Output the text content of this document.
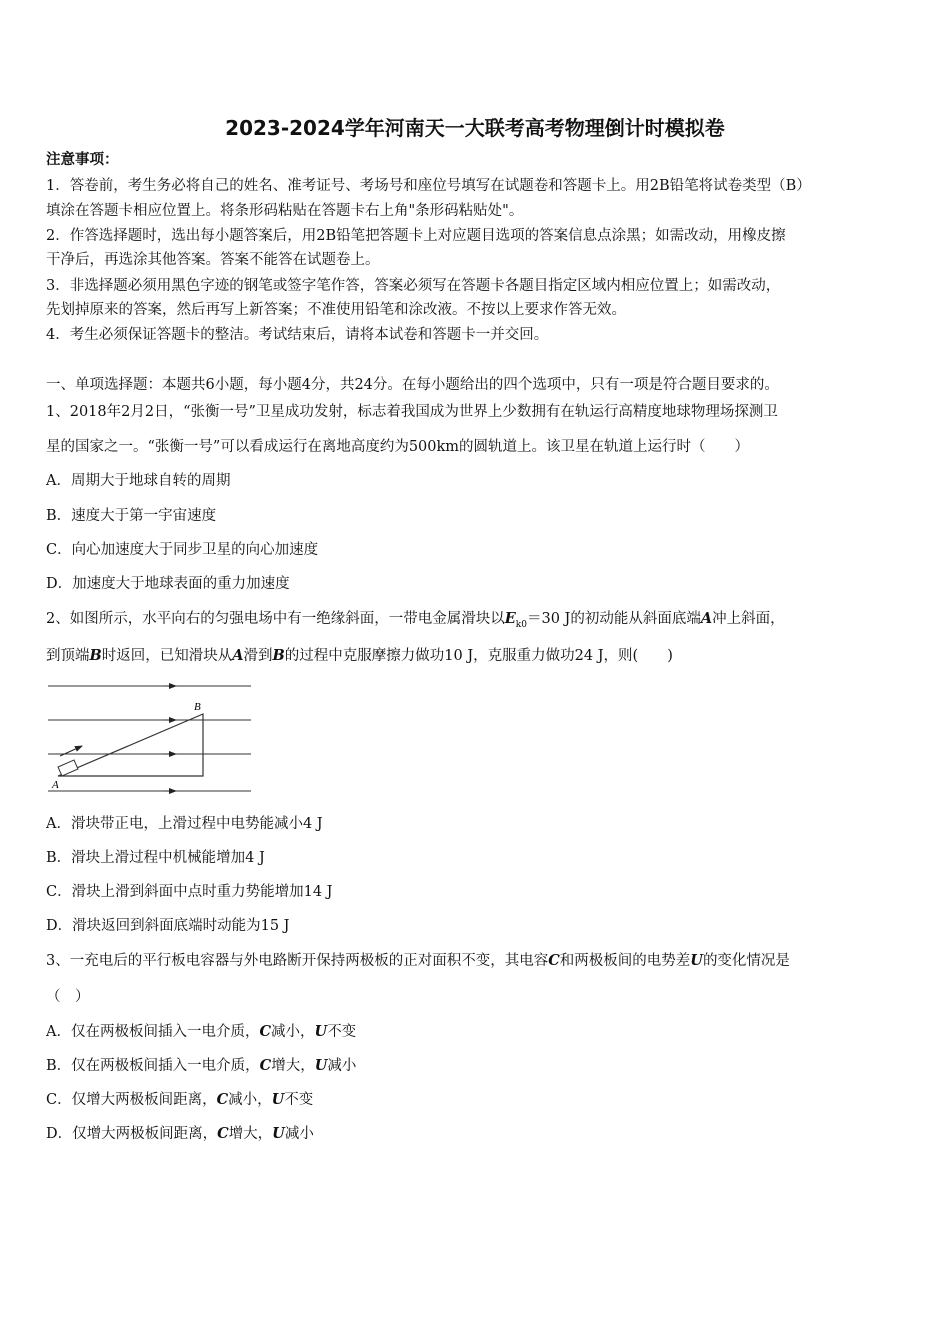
2023-2024学年河南天一大联考高考物理倒计时模拟卷
注意事项：
1．答卷前，考生务必将自己的姓名、准考证号、考场号和座位号填写在试题卷和答题卡上。用2B铅笔将试卷类型（B）
填涂在答题卡相应位置上。将条形码粘贴在答题卡右上角"条形码粘贴处"。
2．作答选择题时，选出每小题答案后，用2B铅笔把答题卡上对应题目选项的答案信息点涂黑；如需改动，用橡皮擦
干净后，再选涂其他答案。答案不能答在试题卷上。
3．非选择题必须用黑色字迹的钢笔或签字笔作答，答案必须写在答题卡各题目指定区域内相应位置上；如需改动，
先划掉原来的答案，然后再写上新答案；不准使用铅笔和涂改液。不按以上要求作答无效。
4．考生必须保证答题卡的整洁。考试结束后，请将本试卷和答题卡一并交回。
一、单项选择题：本题共6小题，每小题4分，共24分。在每小题给出的四个选项中，只有一项是符合题目要求的。
1、2018年2月2日，“张衡一号”卫星成功发射，标志着我国成为世界上少数拥有在轨运行高精度地球物理场探测卫
星的国家之一。“张衡一号”可以看成运行在离地高度约为500km的圆轨道上。该卫星在轨道上运行时（　　）
A．周期大于地球自转的周期
B．速度大于第一宇宙速度
C．向心加速度大于同步卫星的向心加速度
D．加速度大于地球表面的重力加速度
2、如图所示，水平向右的匀强电场中有一绝缘斜面，一带电金属滑块以$E_{k0}=30$ J的初动能从斜面底端A冲上斜面，
到顶端B时返回，已知滑块从A滑到B的过程中克服摩擦力做功10 J，克服重力做功24 J，则(　　)
B
A
A．滑块带正电，上滑过程中电势能减小4 J
B．滑块上滑过程中机械能增加4 J
C．滑块上滑到斜面中点时重力势能增加14 J
D．滑块返回到斜面底端时动能为15 J
3、一充电后的平行板电容器与外电路断开保持两极板的正对面积不变，其电容C和两极板间的电势差U的变化情况是
（　）
A．仅在两极板间插入一电介质，C减小，U不变
B．仅在两极板间插入一电介质，C增大，U减小
C．仅增大两极板间距离，C减小，U不变
D．仅增大两极板间距离，C增大，U减小
